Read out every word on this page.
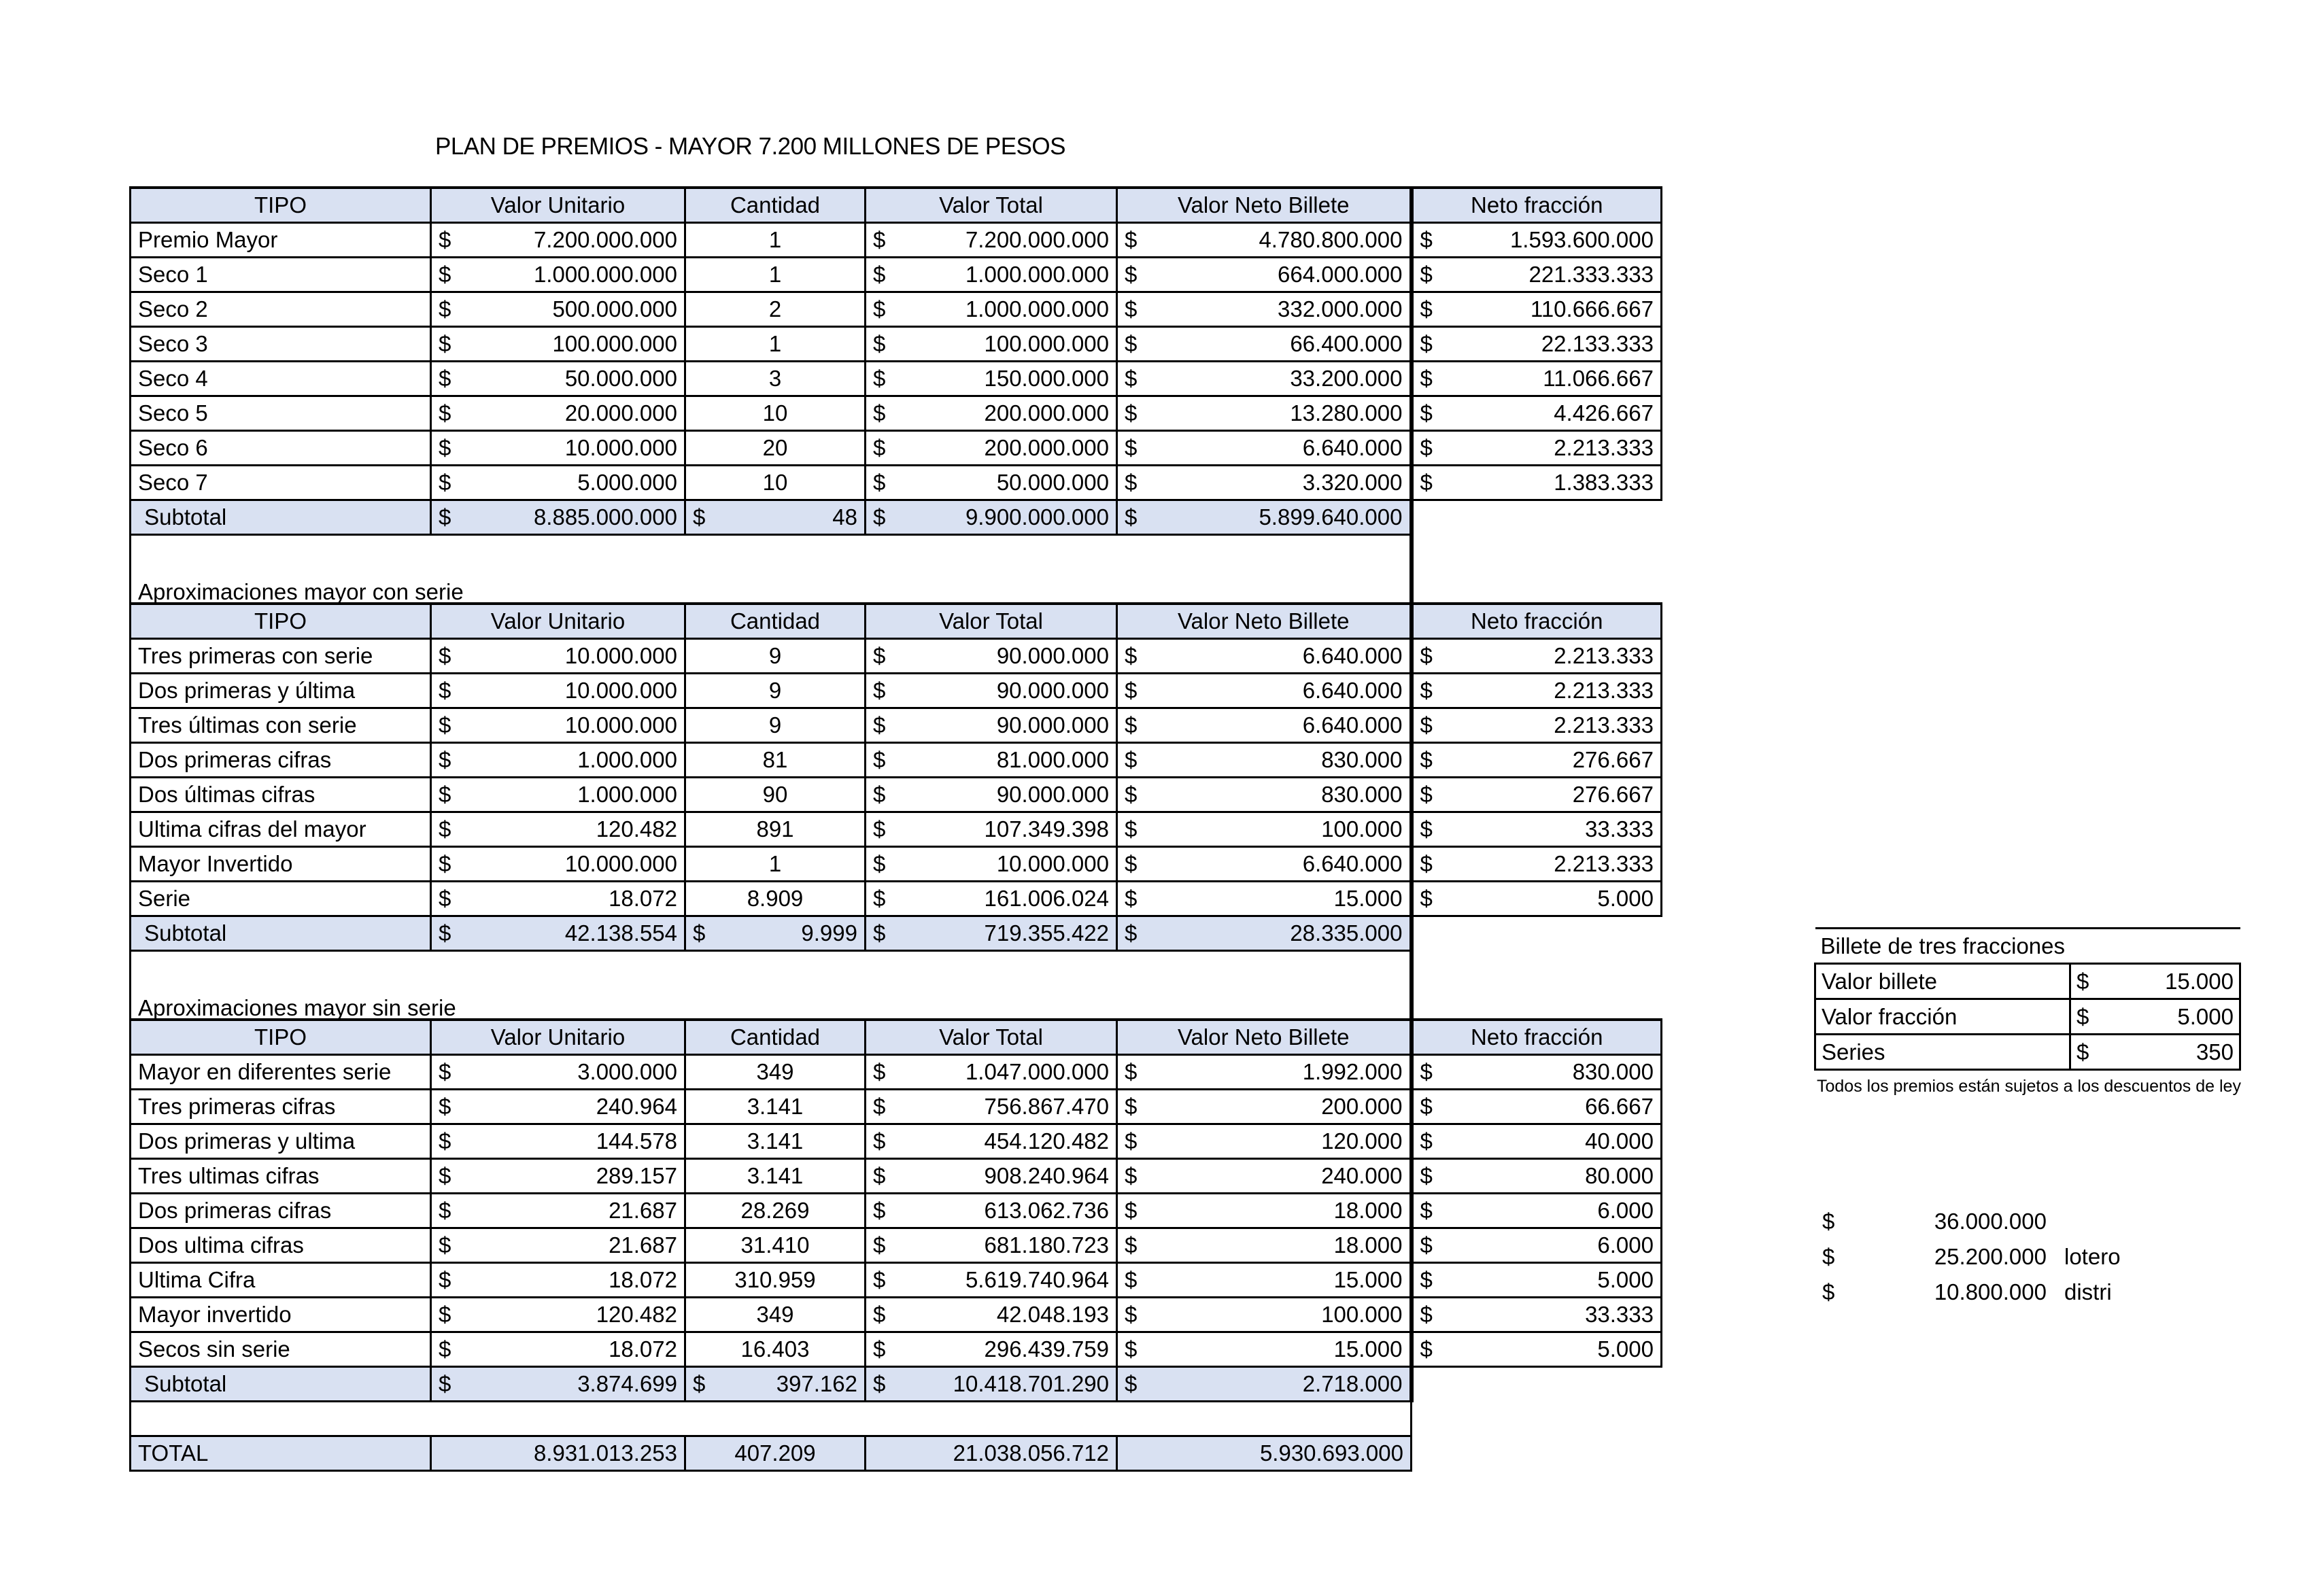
PLAN DE PREMIOS - MAYOR 7.200 MILLONES DE PESOS
TIPO	Valor Unitario	Cantidad	Valor Total	Valor Neto Billete	Neto fracción
Premio Mayor	$ 7.200.000.000	1	$ 7.200.000.000	$ 4.780.800.000	$ 1.593.600.000

Seco 1	$ 1.000.000.000	1	$ 1.000.000.000	$ 664.000.000	$ 221.333.333

Seco 2	$ 500.000.000	2	$ 1.000.000.000	$ 332.000.000	$ 110.666.667

Seco 3	$ 100.000.000	1	$ 100.000.000	$ 66.400.000	$ 22.133.333

Seco 4	$ 50.000.000	3	$ 150.000.000	$ 33.200.000	$ 11.066.667

Seco 5	$ 20.000.000	10	$ 200.000.000	$ 13.280.000	$ 4.426.667

Seco 6	$ 10.000.000	20	$ 200.000.000	$ 6.640.000	$ 2.213.333

Seco 7	$ 5.000.000	10	$ 50.000.000	$ 3.320.000	$ 1.383.333

Subtotal	$ 8.885.000.000	$ 48	$ 9.900.000.000	$ 5.899.640.000	

Aproximaciones mayor con serie					
TIPO	Valor Unitario	Cantidad	Valor Total	Valor Neto Billete	Neto fracción
Tres primeras con serie	$ 10.000.000	9	$ 90.000.000	$ 6.640.000	$ 2.213.333

Dos primeras y última	$ 10.000.000	9	$ 90.000.000	$ 6.640.000	$ 2.213.333

Tres últimas con serie	$ 10.000.000	9	$ 90.000.000	$ 6.640.000	$ 2.213.333

Dos primeras cifras	$ 1.000.000	81	$ 81.000.000	$ 830.000	$ 276.667

Dos últimas cifras	$ 1.000.000	90	$ 90.000.000	$ 830.000	$ 276.667

Ultima cifras del mayor	$ 120.482	891	$ 107.349.398	$ 100.000	$ 33.333

Mayor Invertido	$ 10.000.000	1	$ 10.000.000	$ 6.640.000	$ 2.213.333

Serie	$ 18.072	8.909	$ 161.006.024	$ 15.000	$ 5.000

Subtotal	$ 42.138.554	$ 9.999	$ 719.355.422	$ 28.335.000	

Aproximaciones mayor sin serie					
TIPO	Valor Unitario	Cantidad	Valor Total	Valor Neto Billete	Neto fracción
Mayor en diferentes serie	$ 3.000.000	349	$ 1.047.000.000	$ 1.992.000	$ 830.000

Tres primeras cifras	$ 240.964	3.141	$ 756.867.470	$ 200.000	$ 66.667

Dos primeras y ultima	$ 144.578	3.141	$ 454.120.482	$ 120.000	$ 40.000

Tres ultimas cifras	$ 289.157	3.141	$ 908.240.964	$ 240.000	$ 80.000

Dos primeras cifras	$ 21.687	28.269	$ 613.062.736	$ 18.000	$ 6.000

Dos ultima cifras	$ 21.687	31.410	$ 681.180.723	$ 18.000	$ 6.000

Ultima Cifra	$ 18.072	310.959	$ 5.619.740.964	$ 15.000	$ 5.000

Mayor invertido	$ 120.482	349	$ 42.048.193	$ 100.000	$ 33.333

Secos sin serie	$ 18.072	16.403	$ 296.439.759	$ 15.000	$ 5.000

Subtotal	$ 3.874.699	$ 397.162	$ 10.418.701.290	$ 2.718.000	

TOTAL	8.931.013.253	407.209	21.038.056.712	5.930.693.000	
Billete de tres fracciones	
Valor billete	$ 15.000

Valor fracción	$ 5.000

Series	$ 350
Todos los premios están sujetos a los descuentos de ley
$	36.000.000
$	25.200.000 lotero
$	10.800.000 distri
